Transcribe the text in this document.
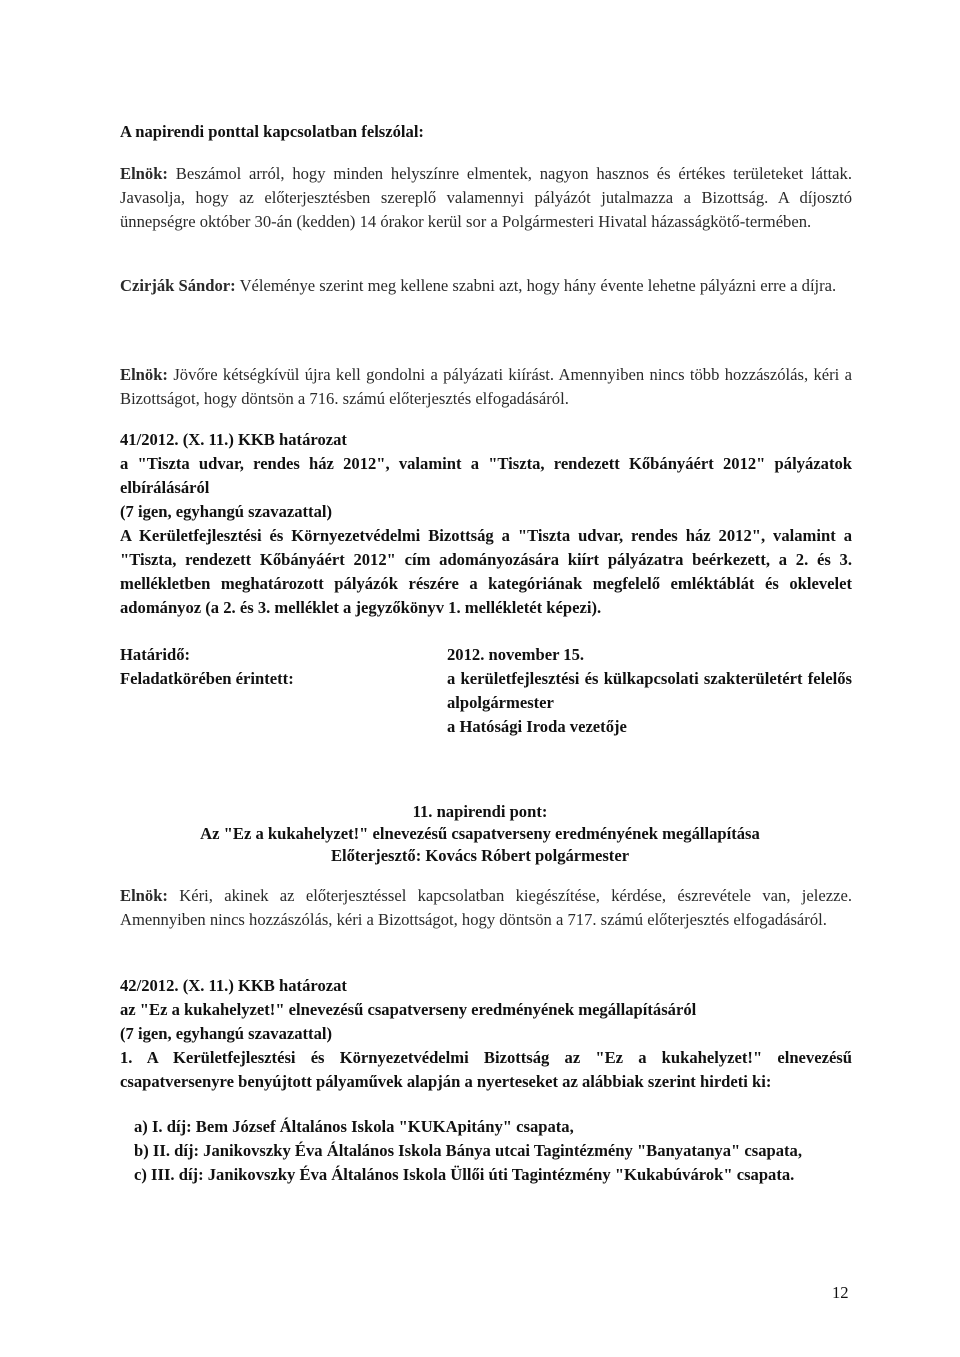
A napirendi ponttal kapcsolatban felszólal:
Elnök: Beszámol arról, hogy minden helyszínre elmentek, nagyon hasznos és értékes területeket láttak. Javasolja, hogy az előterjesztésben szereplő valamennyi pályázót jutalmazza a Bizottság. A díjosztó ünnepségre október 30-án (kedden) 14 órakor kerül sor a Polgármesteri Hivatal házasságkötő-termében.
Czirják Sándor: Véleménye szerint meg kellene szabni azt, hogy hány évente lehetne pályázni erre a díjra.
Elnök: Jövőre kétségkívül újra kell gondolni a pályázati kiírást. Amennyiben nincs több hozzászólás, kéri a Bizottságot, hogy döntsön a 716. számú előterjesztés elfogadásáról.
41/2012. (X. 11.) KKB határozat
a "Tiszta udvar, rendes ház 2012", valamint a "Tiszta, rendezett Kőbányáért 2012" pályázatok elbírálásáról
(7 igen, egyhangú szavazattal)
A Kerületfejlesztési és Környezetvédelmi Bizottság a "Tiszta udvar, rendes ház 2012", valamint a "Tiszta, rendezett Kőbányáért 2012" cím adományozására kiírt pályázatra beérkezett, a 2. és 3. mellékletben meghatározott pályázók részére a kategóriának megfelelő emléktáblát és oklevelet adományoz (a 2. és 3. melléklet a jegyzőkönyv 1. mellékletét képezi).
Határidő:	2012. november 15.
Feladatkörében érintett:	a kerületfejlesztési és külkapcsolati szakterületért felelős alpolgármester
a Hatósági Iroda vezetője
11. napirendi pont:
Az "Ez a kukahelyzet!" elnevezésű csapatverseny eredményének megállapítása
Előterjesztő: Kovács Róbert polgármester
Elnök: Kéri, akinek az előterjesztéssel kapcsolatban kiegészítése, kérdése, észrevétele van, jelezze. Amennyiben nincs hozzászólás, kéri a Bizottságot, hogy döntsön a 717. számú előterjesztés elfogadásáról.
42/2012. (X. 11.) KKB határozat
az "Ez a kukahelyzet!" elnevezésű csapatverseny eredményének megállapításáról
(7 igen, egyhangú szavazattal)
1. A Kerületfejlesztési és Környezetvédelmi Bizottság az "Ez a kukahelyzet!" elnevezésű csapatversenyre benyújtott pályaművek alapján a nyerteseket az alábbiak szerint hirdeti ki:
a) I. díj: Bem József Általános Iskola "KUKApitány" csapata,
b) II. díj: Janikovszky Éva Általános Iskola Bánya utcai Tagintézmény "Banyatanya" csapata,
c) III. díj: Janikovszky Éva Általános Iskola Üllői úti Tagintézmény "Kukabúvárok" csapata.
12
